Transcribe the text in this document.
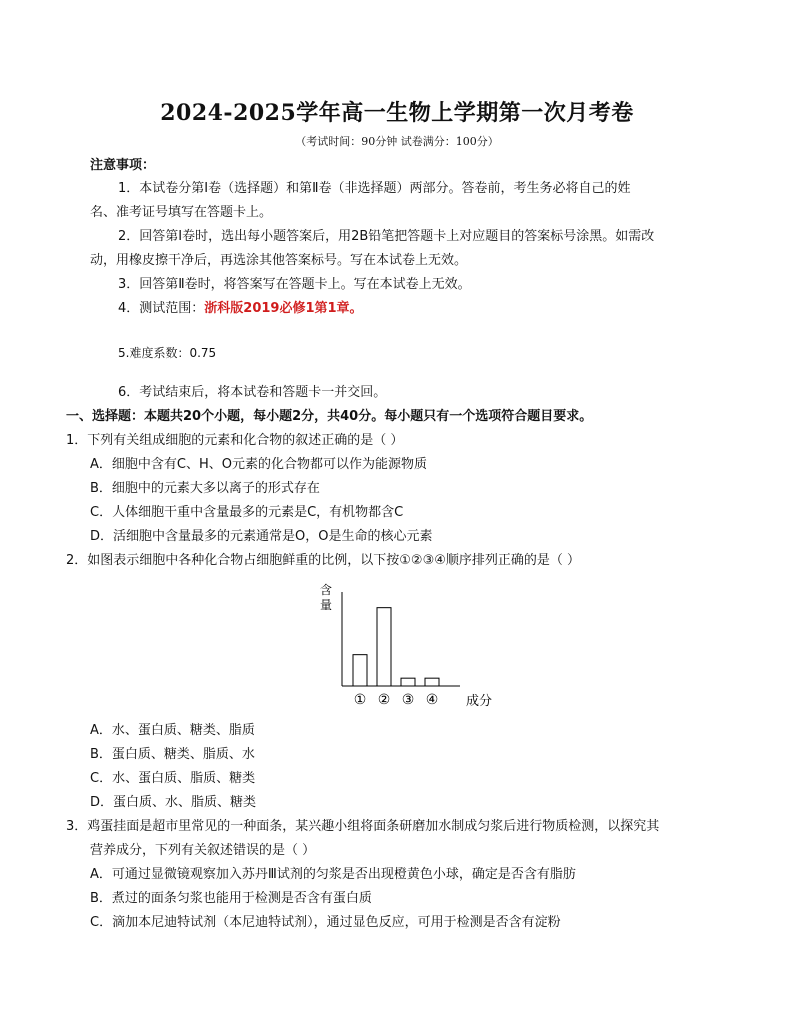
2024-2025学年高一生物上学期第一次月考卷
（考试时间：90分钟 试卷满分：100分）
注意事项：
1．本试卷分第Ⅰ卷（选择题）和第Ⅱ卷（非选择题）两部分。答卷前，考生务必将自己的姓
名、准考证号填写在答题卡上。
2．回答第Ⅰ卷时，选出每小题答案后，用2B铅笔把答题卡上对应题目的答案标号涂黑。如需改
动，用橡皮擦干净后，再选涂其他答案标号。写在本试卷上无效。
3．回答第Ⅱ卷时，将答案写在答题卡上。写在本试卷上无效。
4．测试范围：浙科版2019必修1第1章。
5.难度系数：0.75
6．考试结束后，将本试卷和答题卡一并交回。
一、选择题：本题共20个小题，每小题2分，共40分。每小题只有一个选项符合题目要求。
1．下列有关组成细胞的元素和化合物的叙述正确的是（ ）
A．细胞中含有C、H、O元素的化合物都可以作为能源物质
B．细胞中的元素大多以离子的形式存在
C．人体细胞干重中含量最多的元素是C，有机物都含C
D．活细胞中含量最多的元素通常是O，O是生命的核心元素
2．如图表示细胞中各种化合物占细胞鲜重的比例，以下按①②③④顺序排列正确的是（ ）
含量
成分
① ② ③ ④
A．水、蛋白质、糖类、脂质
B．蛋白质、糖类、脂质、水
C．水、蛋白质、脂质、糖类
D．蛋白质、水、脂质、糖类
3．鸡蛋挂面是超市里常见的一种面条，某兴趣小组将面条研磨加水制成匀浆后进行物质检测，以探究其
营养成分，下列有关叙述错误的是（ ）
A．可通过显微镜观察加入苏丹Ⅲ试剂的匀浆是否出现橙黄色小球，确定是否含有脂肪
B．煮过的面条匀浆也能用于检测是否含有蛋白质
C．滴加本尼迪特试剂（本尼迪特试剂），通过显色反应，可用于检测是否含有淀粉
